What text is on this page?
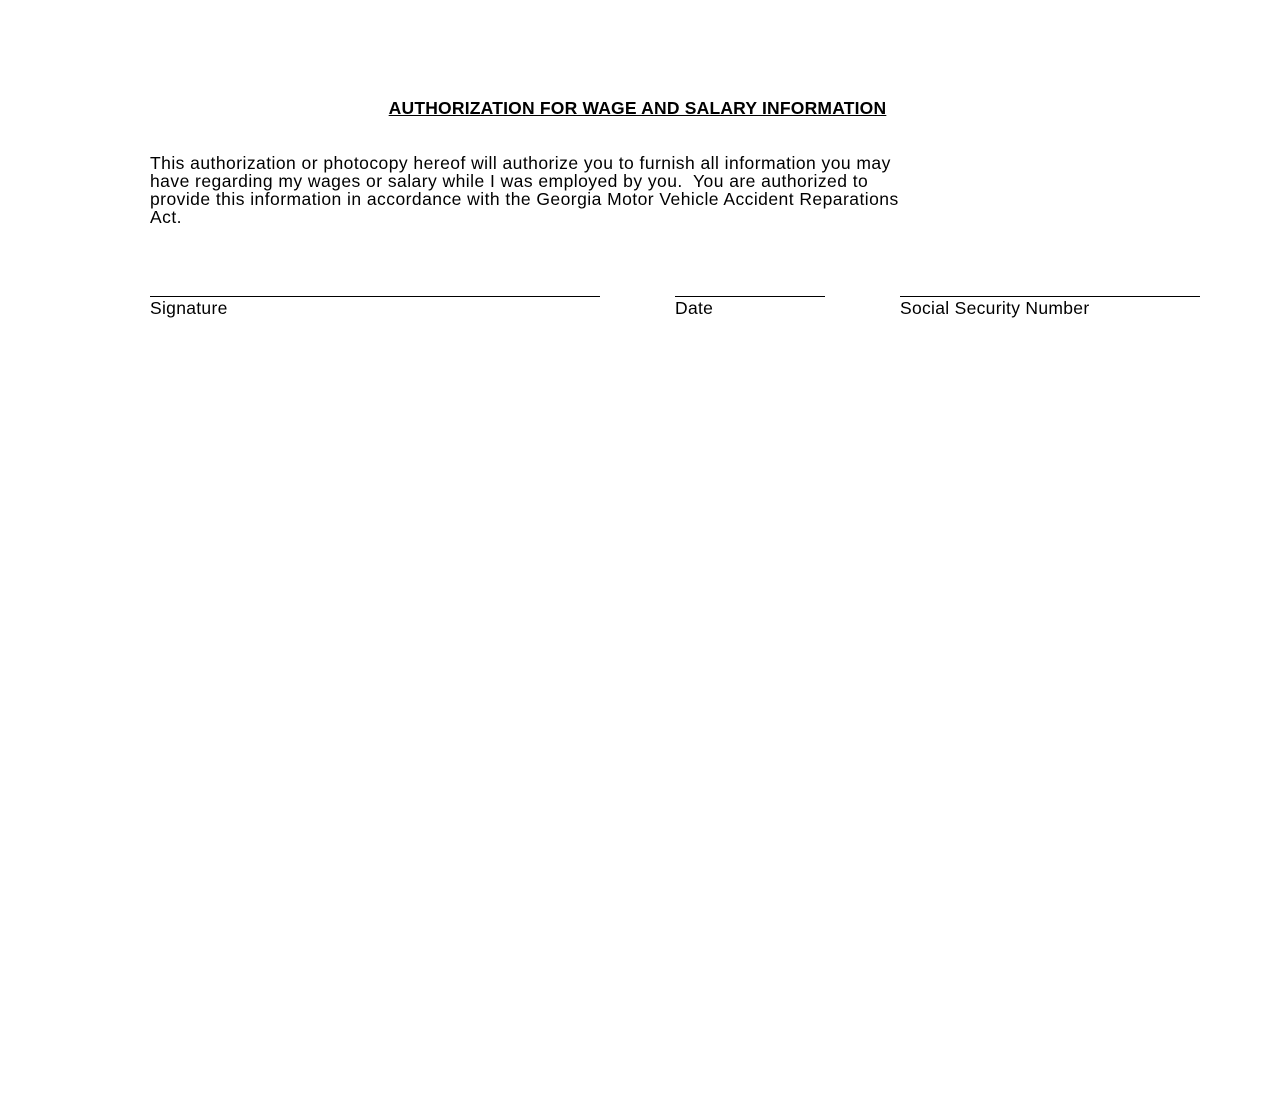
AUTHORIZATION FOR WAGE AND SALARY INFORMATION
This authorization or photocopy hereof will authorize you to furnish all information you may
have regarding my wages or salary while I was employed by you.  You are authorized to
provide this information in accordance with the Georgia Motor Vehicle Accident Reparations
Act.
Signature	Date	Social Security Number
